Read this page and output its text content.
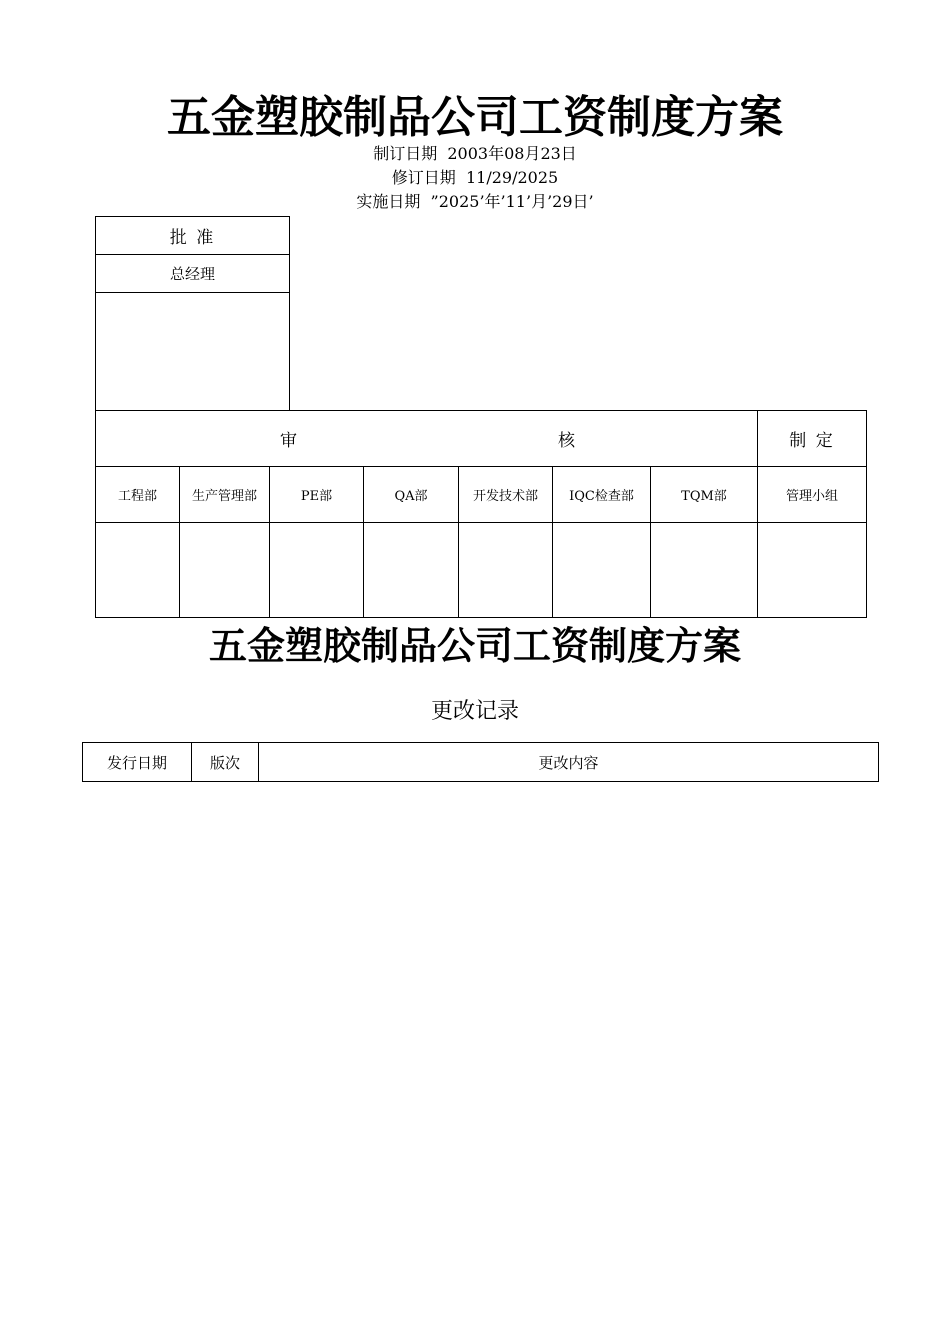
五金塑胶制品公司工资制度方案
制订日期  2003年08月23日
修订日期  11/29/2025
实施日期  ”2025’年’11’月’29日’
批 准
总经理
审	核	制 定
工程部	生产管理部	PE部	QA部	开发技术部	IQC检查部	TQM部	管理小组
五金塑胶制品公司工资制度方案
更改记录
发行日期	版次	更改内容
